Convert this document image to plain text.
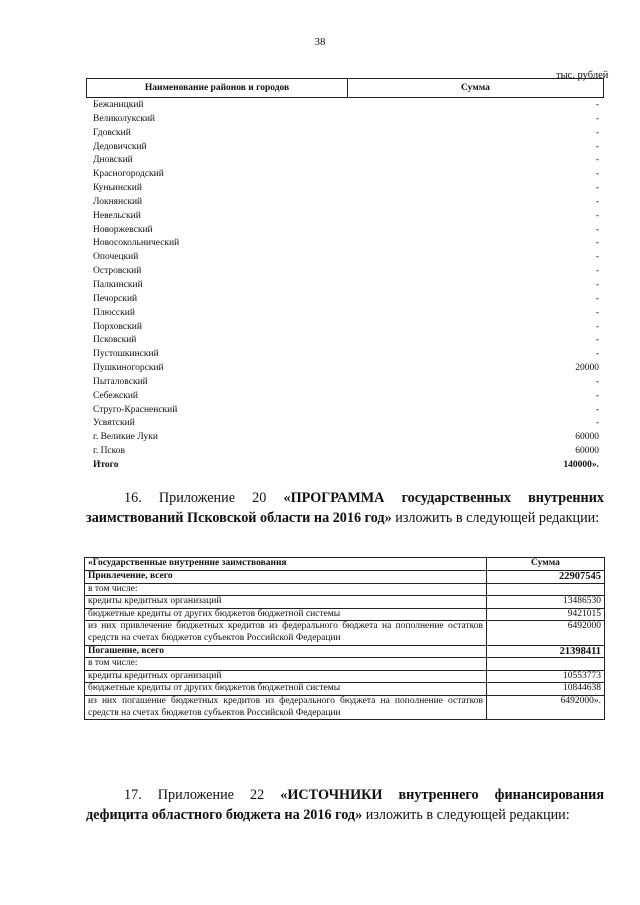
38
тыс. рублей
Наименование районов и городов	Сумма
Бежаницкий	-
Великолукский	-
Гдовский	-
Дедовичский	-
Дновский	-
Красногородский	-
Куньинский	-
Локнянский	-
Невельский	-
Новоржевский	-
Новосокольнический	-
Опочецкий	-
Островский	-
Палкинский	-
Печорский	-
Плюсский	-
Порховский	-
Псковский	-
Пустошкинский	-
Пушкиногорский	20000
Пыталовский	-
Себежский	-
Струго-Красненский	-
Усвятский	-
г. Великие Луки	60000
г. Псков	60000
Итого	140000».
16. Приложение 20 «ПРОГРАММА государственных внутренних заимствований Псковской области на 2016 год» изложить в следующей редакции:
«Государственные внутренние заимствования	Сумма
Привлечение, всего	22907545
в том числе:	
кредиты кредитных организаций	13486530
бюджетные кредиты от других бюджетов бюджетной системы	9421015
из них привлечение бюджетных кредитов из федерального бюджета на пополнение остатков средств на счетах бюджетов субъектов Российской Федерации	6492000
Погашение, всего	21398411
в том числе:	
кредиты кредитных организаций	10553773
бюджетные кредиты от других бюджетов бюджетной системы	10844638
из них погашение бюджетных кредитов из федерального бюджета на пополнение остатков средств на счетах бюджетов субъектов Российской Федерации	6492000».
17. Приложение 22 «ИСТОЧНИКИ внутреннего финансирования дефицита областного бюджета на 2016 год» изложить в следующей редакции:
